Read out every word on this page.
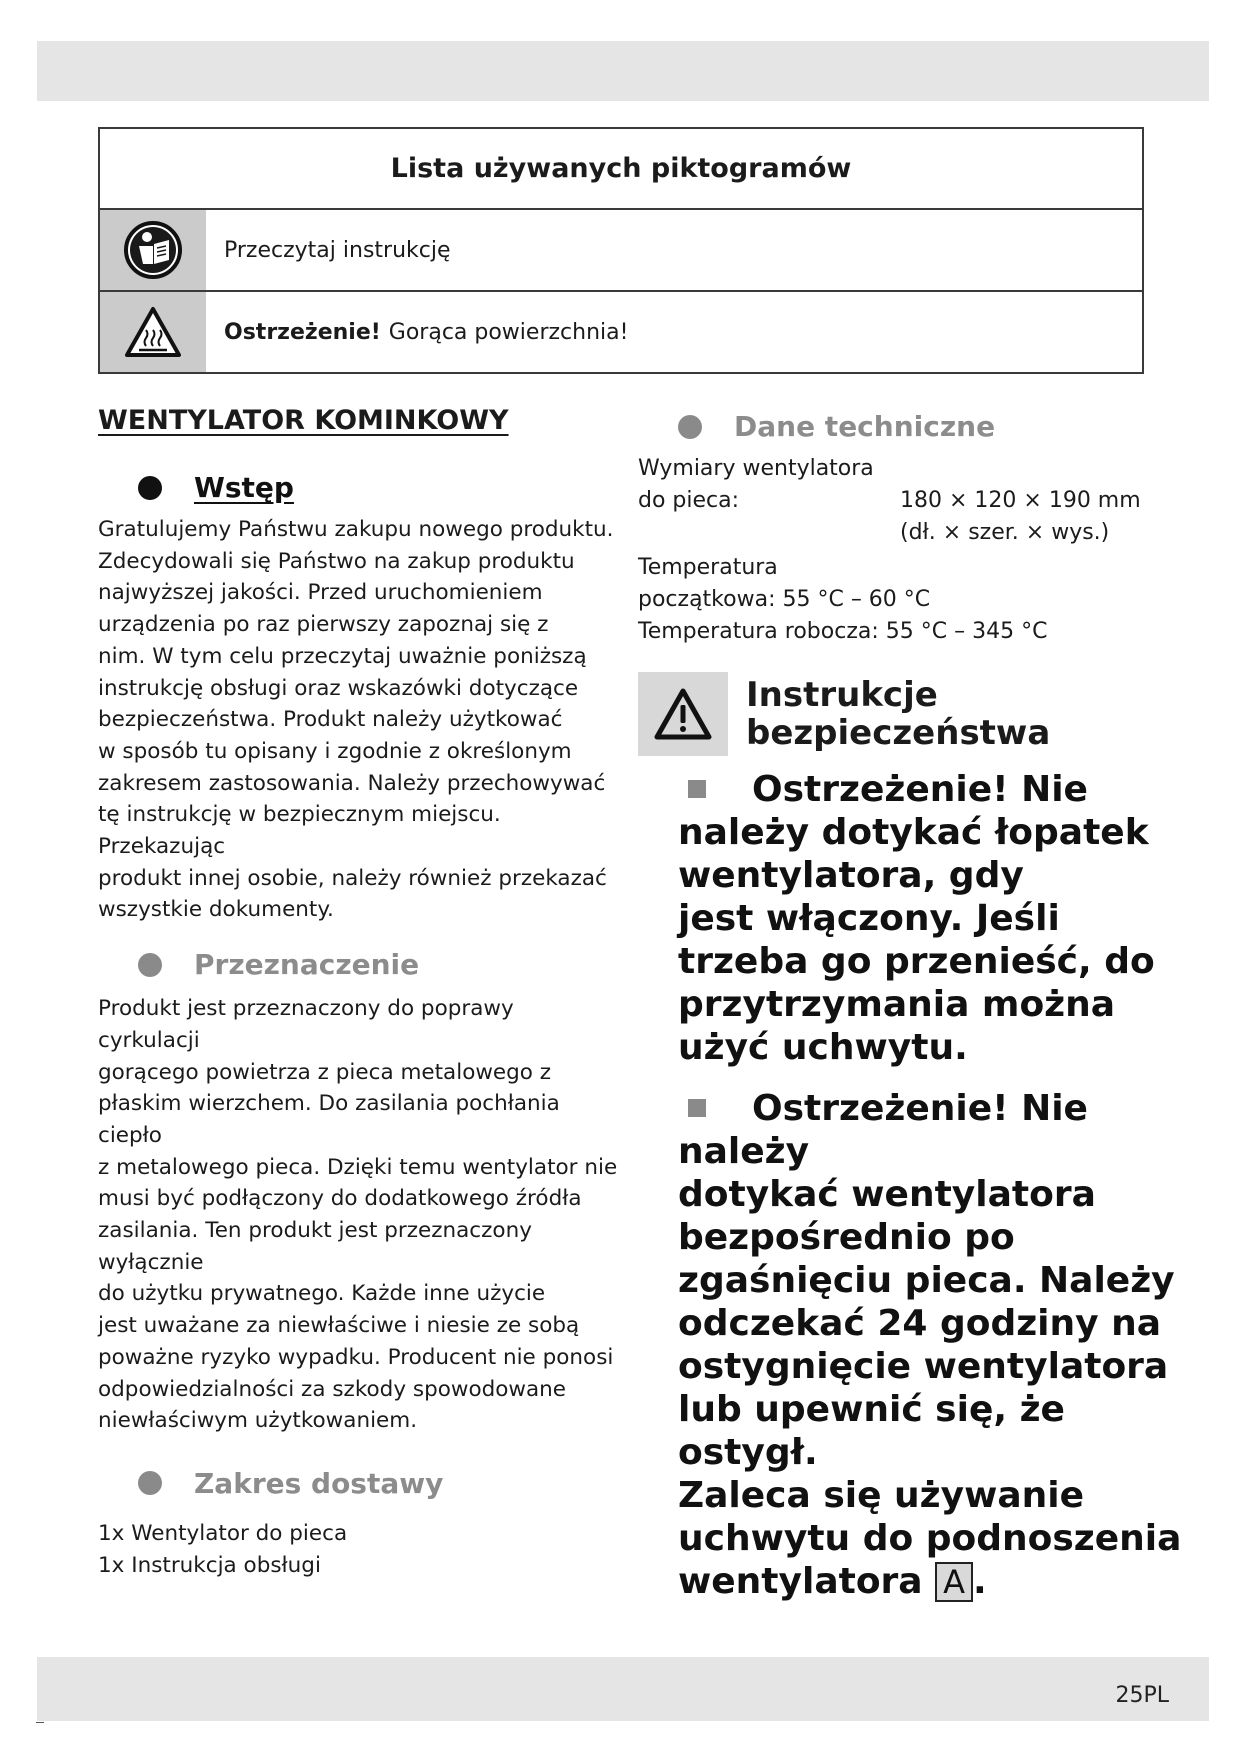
Lista używanych piktogramów
Przeczytaj instrukcję
Ostrzeżenie! Gorąca powierzchnia!
WENTYLATOR KOMINKOWY
Wstęp
Gratulujemy Państwu zakupu nowego produktu.
Zdecydowali się Państwo na zakup produktu
najwyższej jakości. Przed uruchomieniem
urządzenia po raz pierwszy zapoznaj się z
nim. W tym celu przeczytaj uważnie poniższą
instrukcję obsługi oraz wskazówki dotyczące
bezpieczeństwa. Produkt należy użytkować
w sposób tu opisany i zgodnie z określonym
zakresem zastosowania. Należy przechowywać
tę instrukcję w bezpiecznym miejscu. Przekazując
produkt innej osobie, należy również przekazać
wszystkie dokumenty.
Przeznaczenie
Produkt jest przeznaczony do poprawy cyrkulacji
gorącego powietrza z pieca metalowego z
płaskim wierzchem. Do zasilania pochłania ciepło
z metalowego pieca. Dzięki temu wentylator nie
musi być podłączony do dodatkowego źródła
zasilania. Ten produkt jest przeznaczony wyłącznie
do użytku prywatnego. Każde inne użycie
jest uważane za niewłaściwe i niesie ze sobą
poważne ryzyko wypadku. Producent nie ponosi
odpowiedzialności za szkody spowodowane
niewłaściwym użytkowaniem.
Zakres dostawy
1x Wentylator do pieca
1x Instrukcja obsługi
Dane techniczne
Wymiary wentylatora
do pieca:	180 × 120 × 190 mm
(dł. × szer. × wys.)
Temperatura
początkowa: 55 °C – 60 °C
Temperatura robocza: 55 °C – 345 °C
Instrukcje
bezpieczeństwa
Ostrzeżenie! Nie
należy dotykać łopatek
wentylatora, gdy
jest włączony. Jeśli
trzeba go przenieść, do
przytrzymania można
użyć uchwytu.
Ostrzeżenie! Nie należy
dotykać wentylatora
bezpośrednio po
zgaśnięciu pieca. Należy
odczekać 24 godziny na
ostygnięcie wentylatora
lub upewnić się, że ostygł.
Zaleca się używanie
uchwytu do podnoszenia
wentylatora A .
25PL
